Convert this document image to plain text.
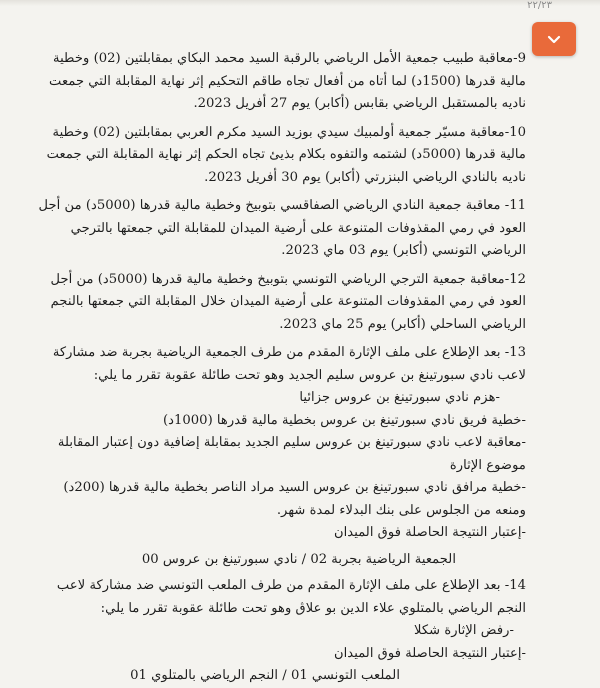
٢٢/٢٣

9-معاقبة طبيب جمعية الأمل الرياضي بالرقبة السيد محمد البكاي بمقابلتين (02) وخطية مالية قدرها (1500د) لما أتاه من أفعال تجاه طاقم التحكيم إثر نهاية المقابلة التي جمعت ناديه بالمستقبل الرياضي بقابس (أكابر) يوم 27 أفريل 2023.

10-معاقبة مسيّر جمعية أولمبيك سيدي بوزيد السيد مكرم العربي بمقابلتين (02) وخطية مالية قدرها (5000د) لشتمه والتفوه بكلام بذيئ تجاه الحكم إثر نهاية المقابلة التي جمعت ناديه بالنادي الرياضي البنزرتي (أكابر) يوم 30 أفريل 2023.

11- معاقبة جمعية النادي الرياضي الصفاقسي بتوبيخ وخطية مالية قدرها (5000د) من أجل العود في رمي المقذوفات المتنوعة على أرضية الميدان للمقابلة التي جمعتها بالترجي الرياضي التونسي (أكابر) يوم 03 ماي 2023.

12-معاقبة جمعية الترجي الرياضي التونسي بتوبيخ وخطية مالية قدرها (5000د) من أجل العود في رمي المقذوفات المتنوعة على أرضية الميدان خلال المقابلة التي جمعتها بالنجم الرياضي الساحلي (أكابر) يوم 25 ماي 2023.

13- بعد الإطلاع على ملف الإثارة المقدم من طرف الجمعية الرياضية بجربة ضد مشاركة لاعب نادي سبورتينغ بن عروس سليم الجديد وهو تحت طائلة عقوبة تقرر ما يلي:

-هزم نادي سبورتينغ بن عروس جزائيا
-خطية فريق نادي سبورتينغ بن عروس بخطية مالية قدرها (1000د)
-معاقبة لاعب نادي سبورتينغ بن عروس سليم الجديد بمقابلة إضافية دون إعتبار المقابلة موضوع الإثارة
-خطية مرافق نادي سبورتينغ بن عروس السيد مراد الناصر بخطية مالية قدرها (200د) ومنعه من الجلوس على بنك البدلاء لمدة شهر.
-إعتبار النتيجة الحاصلة فوق الميدان
الجمعية الرياضية بجربة 02 / نادي سبورتينغ بن عروس 00

14- بعد الإطلاع على ملف الإثارة المقدم من طرف الملعب التونسي ضد مشاركة لاعب النجم الرياضي بالمتلوي علاء الدين بو علاڨ وهو تحت طائلة عقوبة تقرر ما يلي:

-رفض الإثارة شكلا
-إعتبار النتيجة الحاصلة فوق الميدان
الملعب التونسي 01 / النجم الرياضي بالمتلوي 01
